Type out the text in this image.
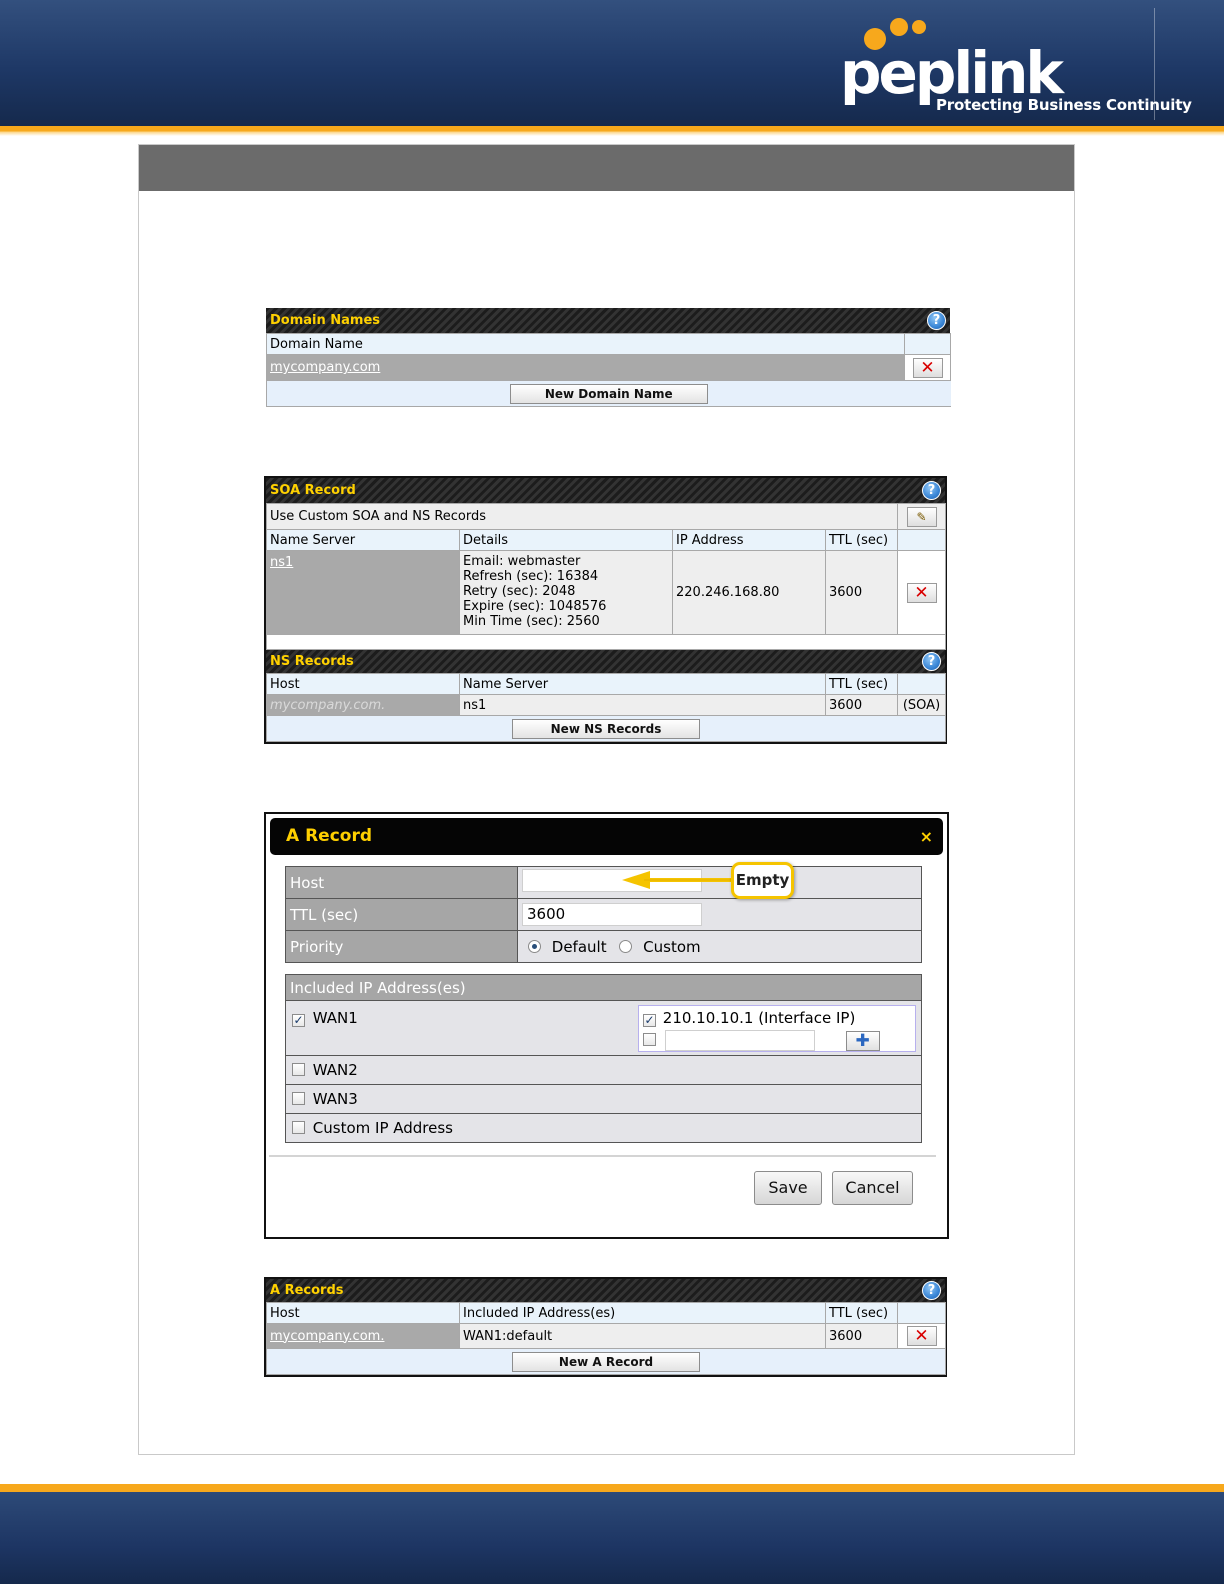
peplink
Protecting Business Continuity
Domain Names	?
Domain Name	
mycompany.com	✕
New Domain Name	
SOA Record	?
Use Custom SOA and NS Records				✎
Name Server	Details	IP Address	TTL (sec)	
ns1	Email: webmaster
Refresh (sec): 16384
Retry (sec): 2048
Expire (sec): 1048576
Min Time (sec): 2560	220.246.168.80	3600	✕

NS Records	?
Host	Name Server	TTL (sec)	
mycompany.com.	ns1	3600	(SOA)
New NS Records			
A Record	×
Host	
TTL (sec)	3600
Priority	Default Custom
Included IP Address(es)
✓ WAN1	✓ 210.10.10.1 (Interface IP)
✚

WAN2
WAN3
Custom IP Address
Save	Cancel
Empty
A Records	?
Host	Included IP Address(es)	TTL (sec)	
mycompany.com.	WAN1:default	3600	✕
New A Record			
